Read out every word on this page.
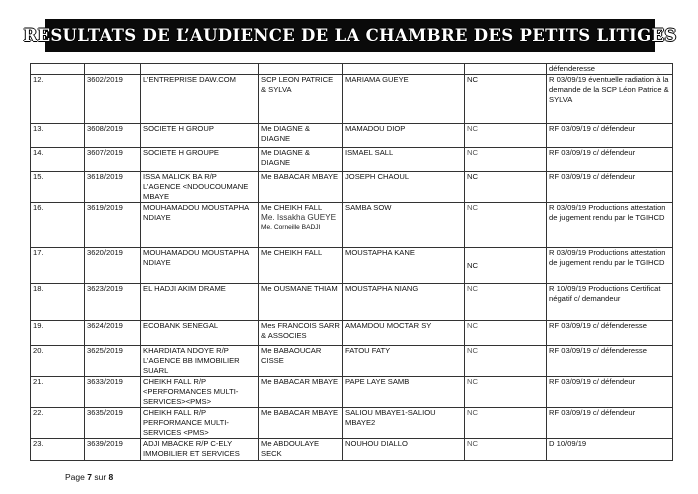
RESULTATS DE L’AUDIENCE DE LA CHAMBRE DES PETITS LITIGES
						défenderesse
12.	3602/2019	L’ENTREPRISE DAW.COM	SCP LEON PATRICE & SYLVA	MARIAMA GUEYE	NC	R 03/09/19 éventuelle radiation à la demande de la SCP Léon Patrice & SYLVA
13.	3608/2019	SOCIETE H GROUP	Me DIAGNE & DIAGNE	MAMADOU DIOP	NC	RF 03/09/19 c/ défendeur
14.	3607/2019	SOCIETE H GROUPE	Me DIAGNE & DIAGNE	ISMAEL SALL	NC	RF 03/09/19 c/ défendeur
15.	3618/2019	ISSA MALICK BA R/P L’AGENCE <NDOUCOUMANE MBAYE	Me BABACAR MBAYE	JOSEPH CHAOUL	NC	RF 03/09/19 c/ défendeur
16.	3619/2019	MOUHAMADOU MOUSTAPHA NDIAYE	Me CHEIKH FALL
Me. Issakha GUEYE
Me. Corneille BADJI	SAMBA SOW	NC	R 03/09/19 Productions attestation de jugement rendu par le TGIHCD
17.	3620/2019	MOUHAMADOU MOUSTAPHA NDIAYE	Me CHEIKH FALL	MOUSTAPHA KANE	NC	R 03/09/19 Productions attestation de jugement rendu par le TGIHCD
18.	3623/2019	EL HADJI AKIM DRAME	Me OUSMANE THIAM	MOUSTAPHA NIANG	NC	R 10/09/19 Productions Certificat négatif c/ demandeur
19.	3624/2019	ECOBANK SENEGAL	Mes FRANCOIS SARR & ASSOCIES	AMAMDOU MOCTAR SY	NC	RF 03/09/19 c/ défenderesse
20.	3625/2019	KHARDIATA NDOYE R/P L’AGENCE BB IMMOBILIER SUARL	Me BABAOUCAR CISSE	FATOU FATY	NC	RF 03/09/19 c/ défenderesse
21.	3633/2019	CHEIKH FALL R/P <PERFORMANCES MULTI-SERVICES><PMS>	Me BABACAR MBAYE	PAPE LAYE SAMB	NC	RF 03/09/19 c/ défendeur
22.	3635/2019	CHEIKH FALL R/P PERFORMANCE MULTI-SERVICES <PMS>	Me BABACAR MBAYE	SALIOU MBAYE1-SALIOU MBAYE2	NC	RF 03/09/19 c/ défendeur
23.	3639/2019	ADJI MBACKE R/P C-ELY IMMOBILIER ET SERVICES	Me ABDOULAYE SECK	NOUHOU DIALLO	NC	D 10/09/19
Page 7 sur 8
